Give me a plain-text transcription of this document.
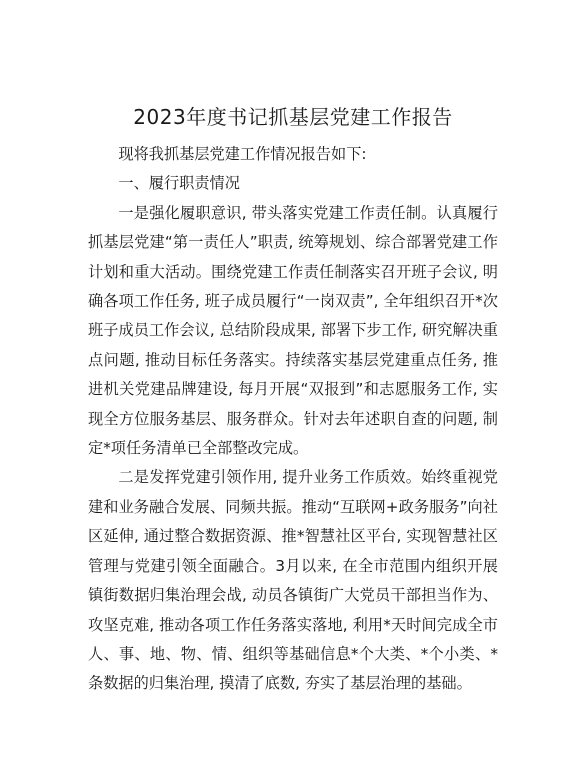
2023年度书记抓基层党建工作报告

现将我抓基层党建工作情况报告如下:

一、履行职责情况

一是强化履职意识, 带头落实党建工作责任制。认真履行抓基层党建“第一责任人”职责, 统筹规划、综合部署党建工作计划和重大活动。围绕党建工作责任制落实召开班子会议, 明确各项工作任务, 班子成员履行“一岗双责”, 全年组织召开*次班子成员工作会议, 总结阶段成果, 部署下步工作, 研究解决重点问题, 推动目标任务落实。持续落实基层党建重点任务, 推进机关党建品牌建设, 每月开展“双报到”和志愿服务工作, 实现全方位服务基层、服务群众。针对去年述职自查的问题, 制定*项任务清单已全部整改完成。

二是发挥党建引领作用, 提升业务工作质效。始终重视党建和业务融合发展、同频共振。推动“互联网+政务服务”向社区延伸, 通过整合数据资源、推*智慧社区平台, 实现智慧社区管理与党建引领全面融合。3月以来, 在全市范围内组织开展镇街数据归集治理会战, 动员各镇街广大党员干部担当作为、攻坚克难, 推动各项工作任务落实落地, 利用*天时间完成全市人、事、地、物、情、组织等基础信息*个大类、*个小类、*条数据的归集治理, 摸清了底数, 夯实了基层治理的基础。
